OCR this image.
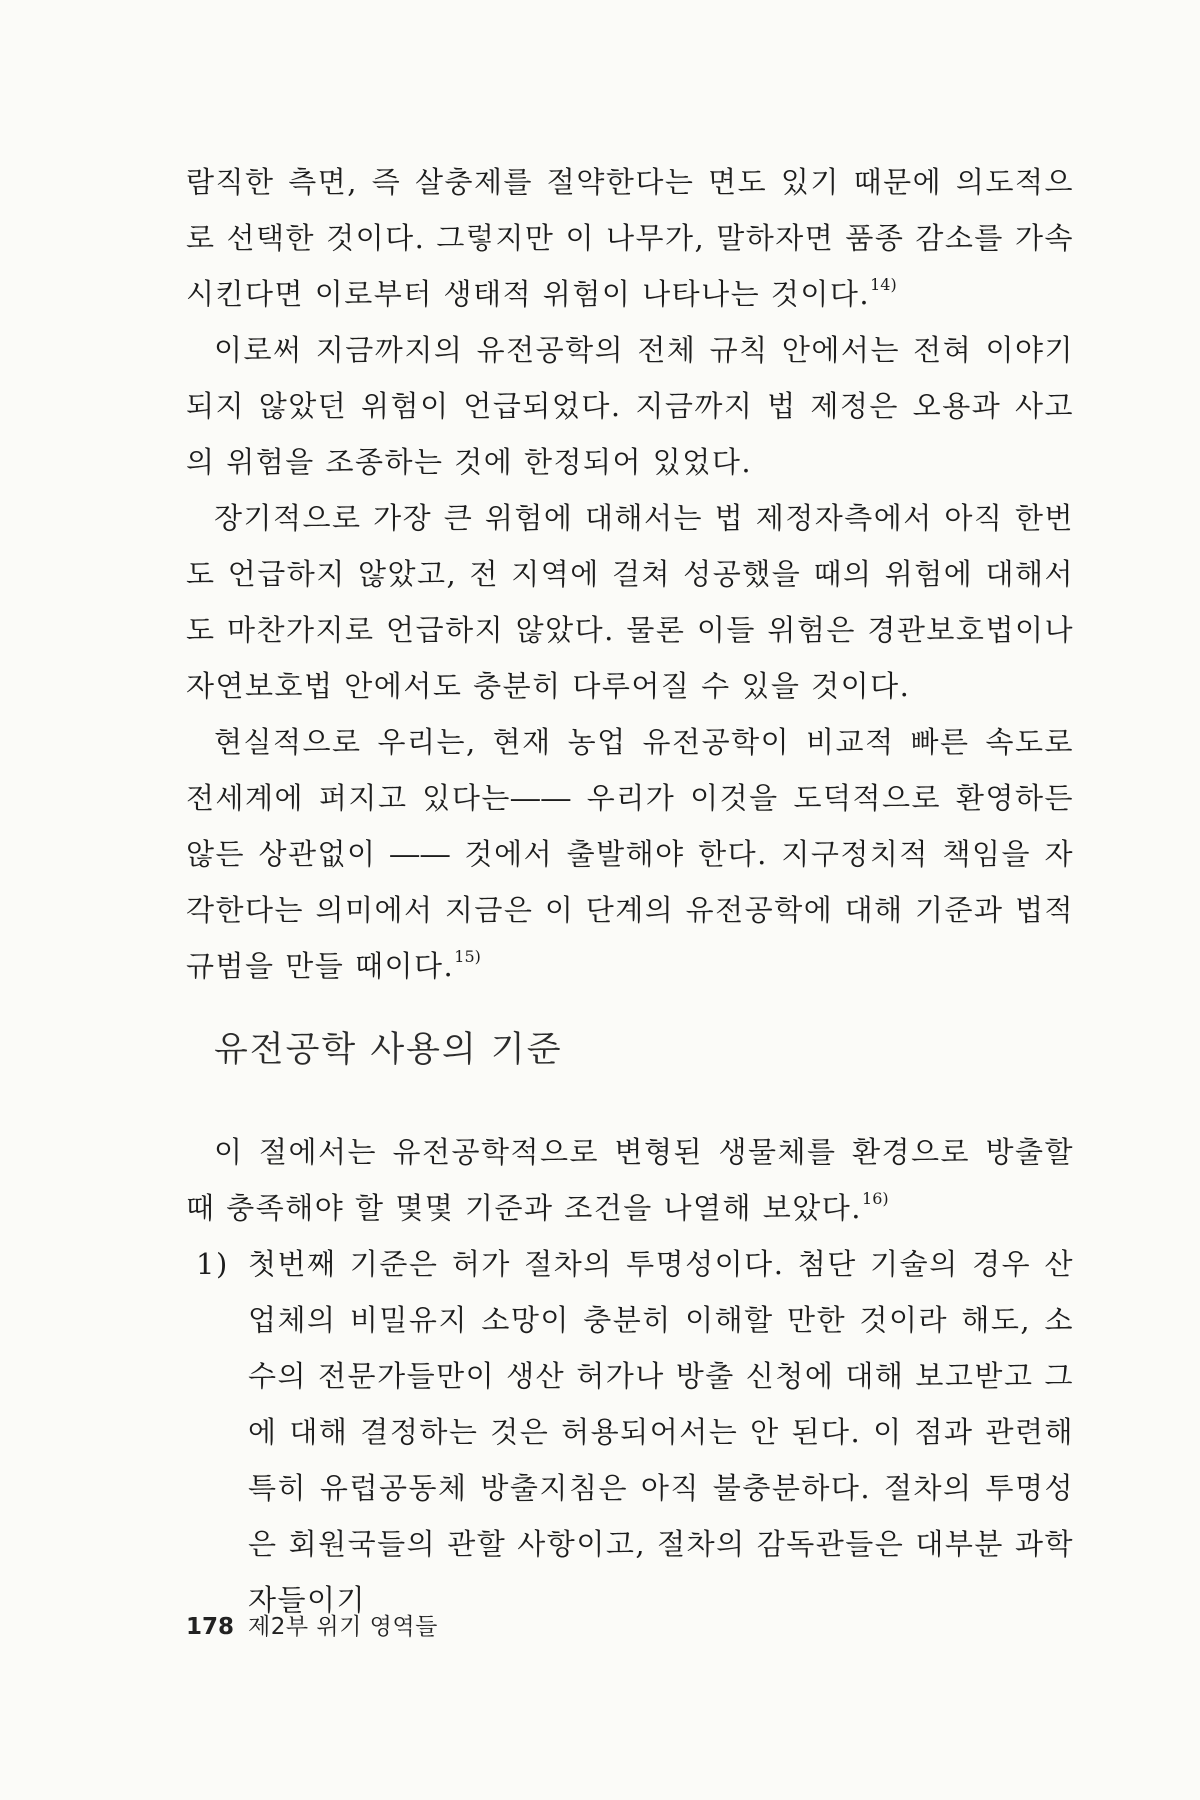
람직한 측면, 즉 살충제를 절약한다는 면도 있기 때문에 의도적으로 선택한 것이다. 그렇지만 이 나무가, 말하자면 품종 감소를 가속시킨다면 이로부터 생태적 위험이 나타나는 것이다.$^{14)}$

이로써 지금까지의 유전공학의 전체 규칙 안에서는 전혀 이야기되지 않았던 위험이 언급되었다. 지금까지 법 제정은 오용과 사고의 위험을 조종하는 것에 한정되어 있었다.

장기적으로 가장 큰 위험에 대해서는 법 제정자측에서 아직 한번도 언급하지 않았고, 전 지역에 걸쳐 성공했을 때의 위험에 대해서도 마찬가지로 언급하지 않았다. 물론 이들 위험은 경관보호법이나 자연보호법 안에서도 충분히 다루어질 수 있을 것이다.

현실적으로 우리는, 현재 농업 유전공학이 비교적 빠른 속도로 전세계에 퍼지고 있다는―― 우리가 이것을 도덕적으로 환영하든 않든 상관없이 ―― 것에서 출발해야 한다. 지구정치적 책임을 자각한다는 의미에서 지금은 이 단계의 유전공학에 대해 기준과 법적 규범을 만들 때이다.$^{15)}$

유전공학 사용의 기준

이 절에서는 유전공학적으로 변형된 생물체를 환경으로 방출할 때 충족해야 할 몇몇 기준과 조건을 나열해 보았다.$^{16)}$

1) 첫번째 기준은 허가 절차의 투명성이다. 첨단 기술의 경우 산업체의 비밀유지 소망이 충분히 이해할 만한 것이라 해도, 소수의 전문가들만이 생산 허가나 방출 신청에 대해 보고받고 그에 대해 결정하는 것은 허용되어서는 안 된다. 이 점과 관련해 특히 유럽공동체 방출지침은 아직 불충분하다. 절차의 투명성은 회원국들의 관할 사항이고, 절차의 감독관들은 대부분 과학자들이기

178 제2부 위기 영역들
